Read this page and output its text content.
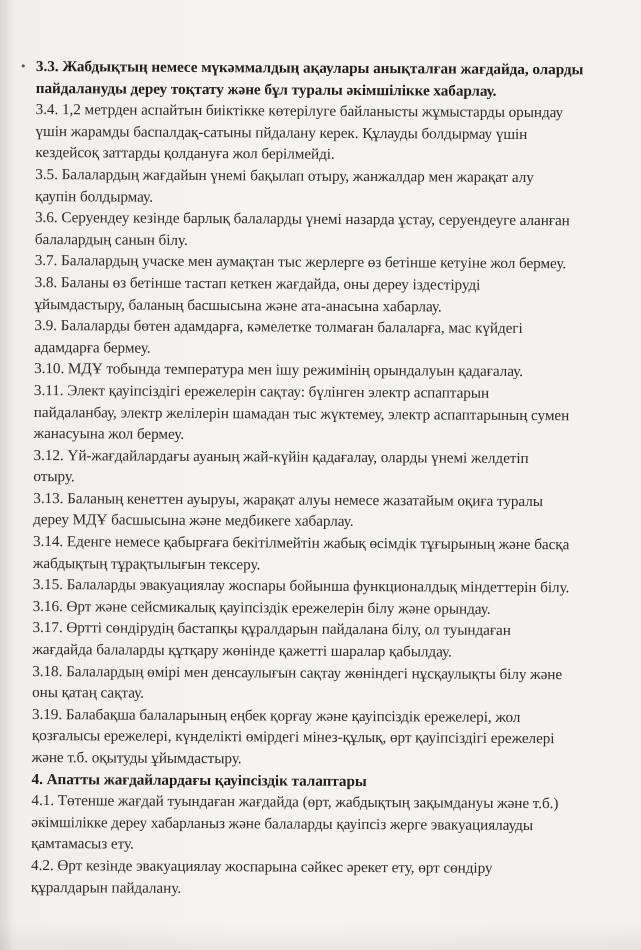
• 3.3. Жабдықтың немесе мүкәммалдың ақаулары анықталған жағдайда, оларды
пайдалануды дереу тоқтату және бұл туралы әкімшілікке хабарлау.
3.4. 1,2 метрден аспайтын биіктікке көтерілуге байланысты жұмыстарды орындау
үшін жарамды баспалдақ-сатыны пйдалану керек. Құлауды болдырмау үшін
кездейсоқ заттарды қолдануға жол берілмейді.
3.5. Балалардың жағдайын үнемі бақылап отыру, жанжалдар мен жарақат алу
қаупін болдырмау.
3.6. Серуендеу кезінде барлық балаларды үнемі назарда ұстау, серуендеуге аланған
балалардың санын білу.
3.7. Балалардың учаске мен аумақтан тыс жерлерге өз бетінше кетуіне жол бермеу.
3.8. Баланы өз бетінше тастап кеткен жағдайда, оны дереу іздестіруді
ұйымдастыру, баланың басшысына және ата-анасына хабарлау.
3.9. Балаларды бөтен адамдарға, кәмелетке толмаған балаларға, мас күйдегі
адамдарға бермеу.
3.10. МДҰ тобында температура мен ішу режимінің орындалуын қадағалау.
3.11. Элект қауіпсіздігі ережелерін сақтау: бүлінген электр аспаптарын
пайдаланбау, электр желілерін шамадан тыс жүктемеу, электр аспаптарының сумен
жанасуына жол бермеу.
3.12. Үй-жағдайлардағы ауаның жай-күйін қадағалау, оларды үнемі желдетіп
отыру.
3.13. Баланың кенеттен ауыруы, жарақат алуы немесе жазатайым оқиға туралы
дереу МДҰ басшысына және медбикеге хабарлау.
3.14. Еденге немесе қабырғаға бекітілмейтін жабық өсімдік тұғырының және басқа
жабдықтың тұрақтылығын тексеру.
3.15. Балаларды эвакуациялау жоспары бойынша функционалдық міндеттерін білу.
3.16. Өрт және сейсмикалық қауіпсіздік ережелерін білу және орындау.
3.17. Өртті сөндірудің бастапқы құралдарын пайдалана білу, ол туындаған
жағдайда балаларды құтқару жөнінде қажетті шаралар қабылдау.
3.18. Балалардың өмірі мен денсаулығын сақтау жөніндегі нұсқаулықты білу және
оны қатаң сақтау.
3.19. Балабақша балаларының еңбек қорғау және қауіпсіздік ережелері, жол
қозғалысы ережелері, күнделікті өмірдегі мінез-құлық, өрт қауіпсіздігі ережелері
және т.б. оқытуды ұйымдастыру.
4. Апатты жағдайлардағы қауіпсіздік талаптары
4.1. Төтенше жағдай туындаған жағдайда (өрт, жабдықтың зақымдануы және т.б.)
әкімшілікке дереу хабарланыз және балаларды қауіпсіз жерге эвакуациялауды
қамтамасыз ету.
4.2. Өрт кезінде эвакуациялау жоспарына сәйкес әрекет ету, өрт сөндіру
құралдарын пайдалану.
